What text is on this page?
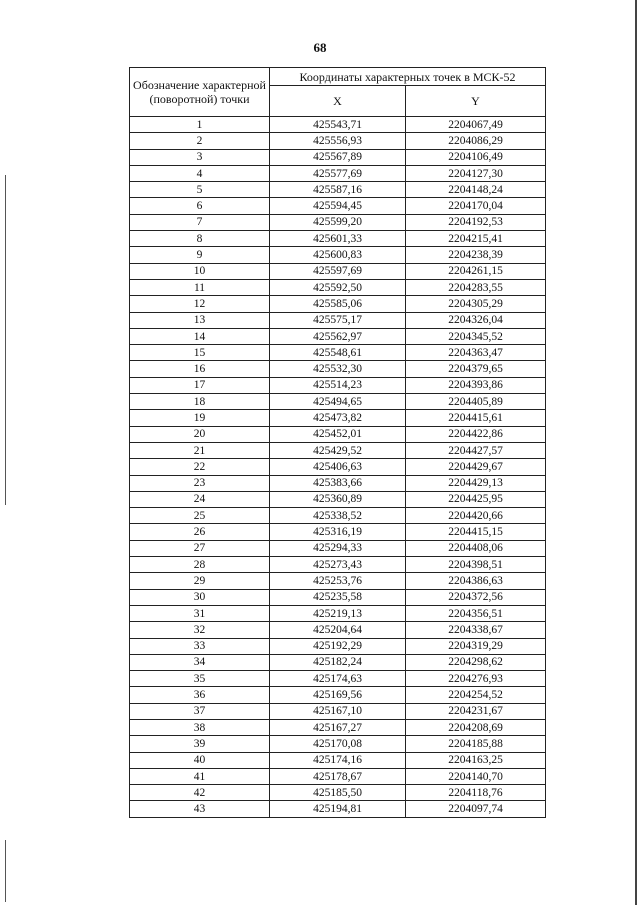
68
Обозначение характерной (поворотной) точки	Координаты характерных точек в МСК-52	
	X	Y
1	425543,71	2204067,49
2	425556,93	2204086,29
3	425567,89	2204106,49
4	425577,69	2204127,30
5	425587,16	2204148,24
6	425594,45	2204170,04
7	425599,20	2204192,53
8	425601,33	2204215,41
9	425600,83	2204238,39
10	425597,69	2204261,15
11	425592,50	2204283,55
12	425585,06	2204305,29
13	425575,17	2204326,04
14	425562,97	2204345,52
15	425548,61	2204363,47
16	425532,30	2204379,65
17	425514,23	2204393,86
18	425494,65	2204405,89
19	425473,82	2204415,61
20	425452,01	2204422,86
21	425429,52	2204427,57
22	425406,63	2204429,67
23	425383,66	2204429,13
24	425360,89	2204425,95
25	425338,52	2204420,66
26	425316,19	2204415,15
27	425294,33	2204408,06
28	425273,43	2204398,51
29	425253,76	2204386,63
30	425235,58	2204372,56
31	425219,13	2204356,51
32	425204,64	2204338,67
33	425192,29	2204319,29
34	425182,24	2204298,62
35	425174,63	2204276,93
36	425169,56	2204254,52
37	425167,10	2204231,67
38	425167,27	2204208,69
39	425170,08	2204185,88
40	425174,16	2204163,25
41	425178,67	2204140,70
42	425185,50	2204118,76
43	425194,81	2204097,74
